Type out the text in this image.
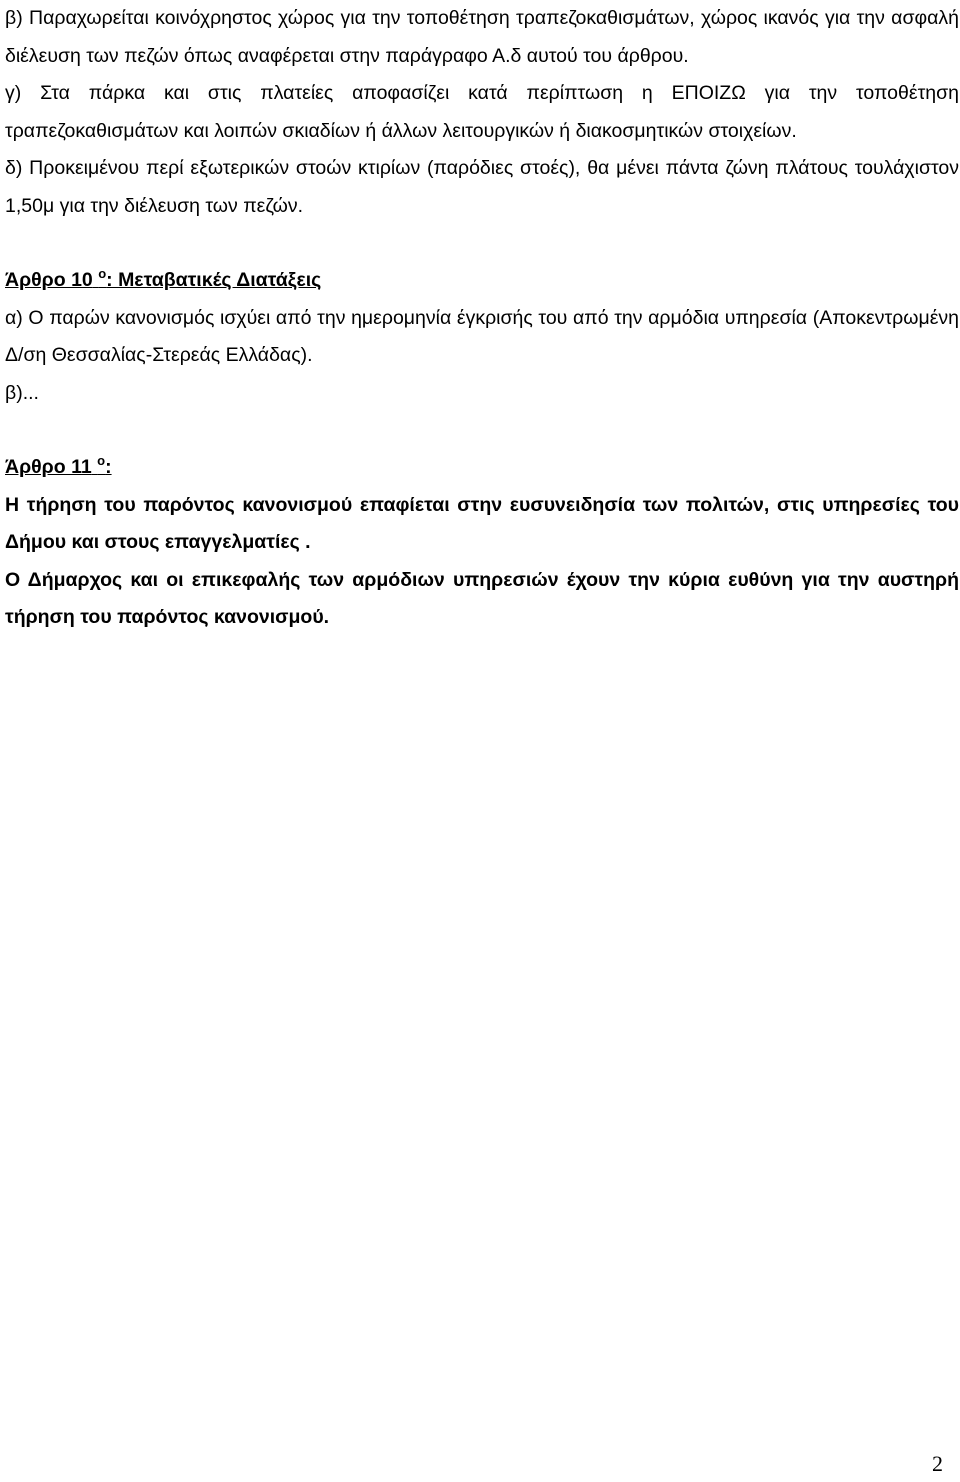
β) Παραχωρείται κοινόχρηστος χώρος για την τοποθέτηση τραπεζοκαθισμάτων, χώρος ικανός για την ασφαλή διέλευση των πεζών όπως αναφέρεται στην παράγραφο Α.δ αυτού του άρθρου.

γ) Στα πάρκα και στις πλατείες αποφασίζει κατά περίπτωση η ΕΠΟΙΖΩ για την τοποθέτηση τραπεζοκαθισμάτων και λοιπών σκιαδίων ή άλλων λειτουργικών ή διακοσμητικών στοιχείων.

δ) Προκειμένου περί εξωτερικών στοών κτιρίων (παρόδιες στοές), θα μένει πάντα ζώνη πλάτους τουλάχιστον 1,50μ για την διέλευση των πεζών.

Άρθρο 10 $^o$: Μεταβατικές Διατάξεις

α) Ο παρών κανονισμός ισχύει από την ημερομηνία έγκρισής του από την αρμόδια υπηρεσία (Αποκεντρωμένη Δ/ση Θεσσαλίας-Στερεάς Ελλάδας).

β)...

Άρθρο 11 $^o$:

Η τήρηση του παρόντος κανονισμού επαφίεται στην ευσυνειδησία των πολιτών, στις υπηρεσίες του Δήμου και στους επαγγελματίες .

Ο Δήμαρχος και οι επικεφαλής των αρμόδιων υπηρεσιών έχουν την κύρια ευθύνη για την αυστηρή τήρηση του παρόντος κανονισμού.

2
